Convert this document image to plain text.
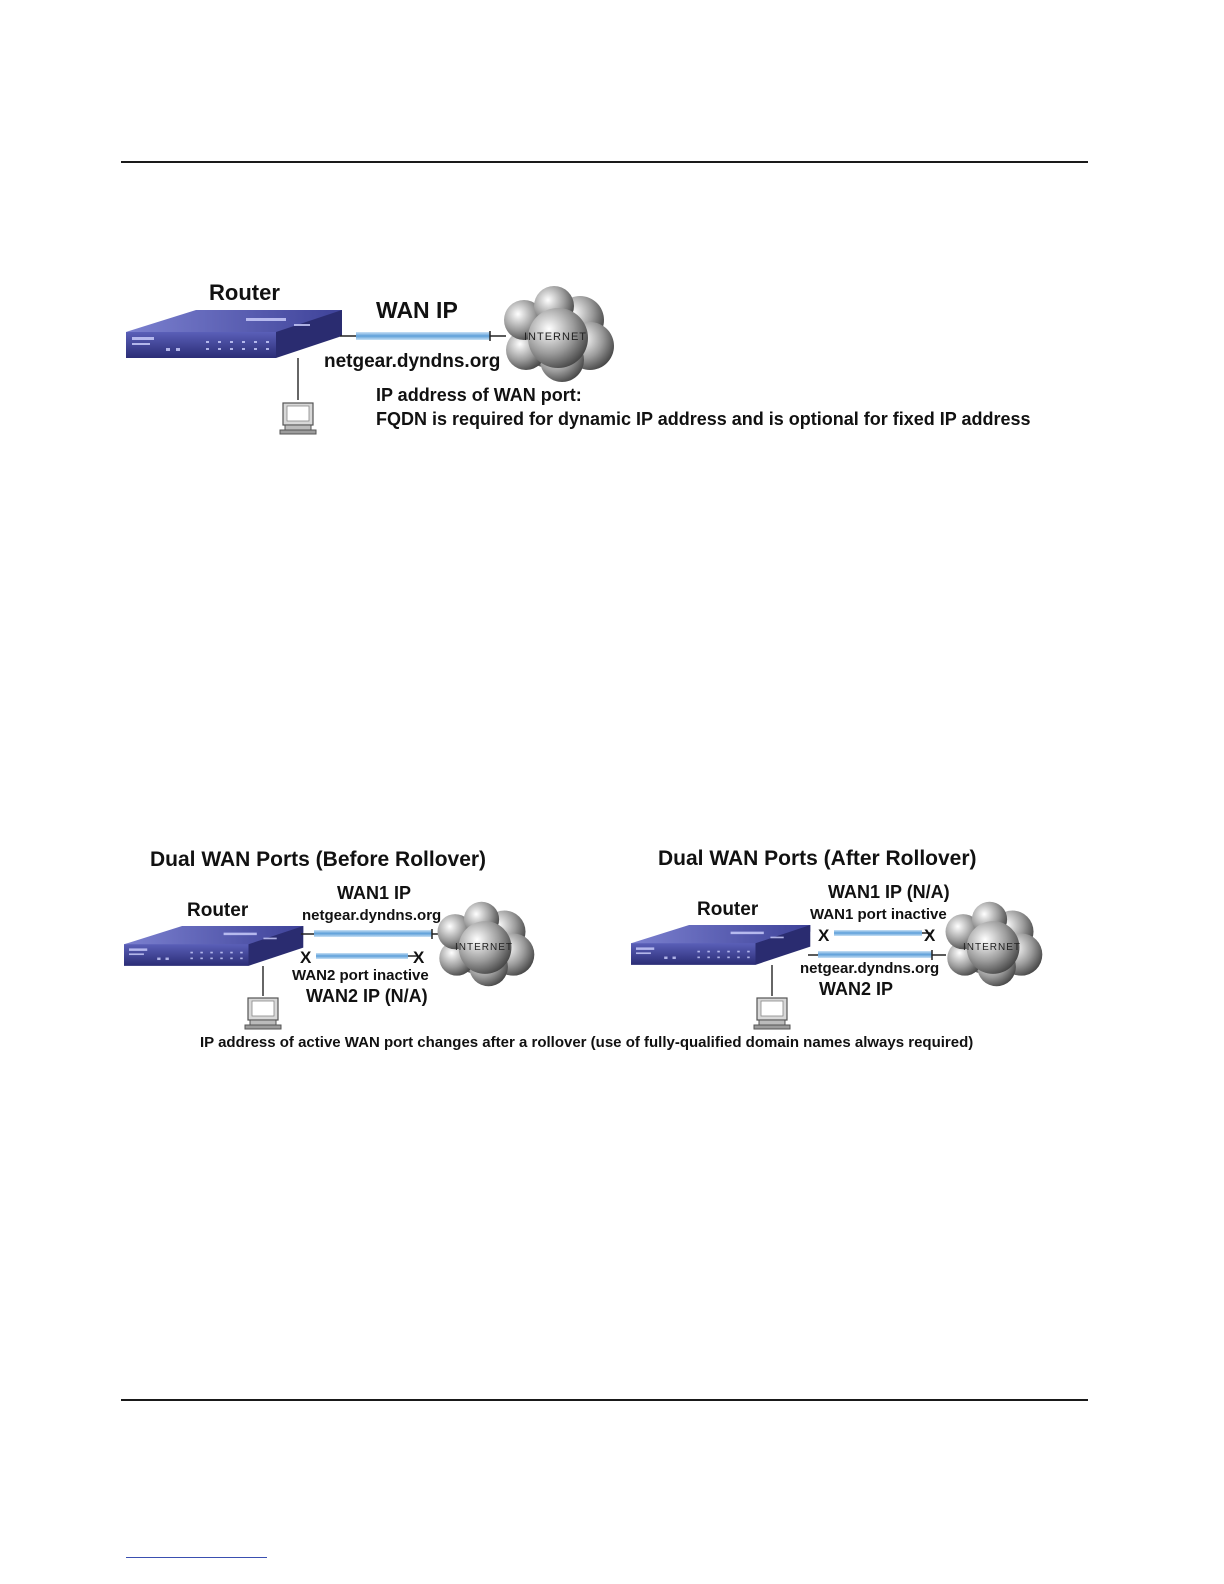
INTERNET
Router
WAN IP
netgear.dyndns.org
IP address of WAN port:
FQDN is required for dynamic IP address and is optional for fixed IP address
Dual WAN Ports (Before Rollover)
Router
X	X
INTERNET
WAN1 IP
netgear.dyndns.org
WAN2 port inactive
WAN2 IP (N/A)
Dual WAN Ports (After Rollover)
Router
X	X
INTERNET
WAN1 IP (N/A)
WAN1 port inactive
netgear.dyndns.org
WAN2 IP
IP address of active WAN port changes after a rollover (use of fully-qualified domain names always required)
